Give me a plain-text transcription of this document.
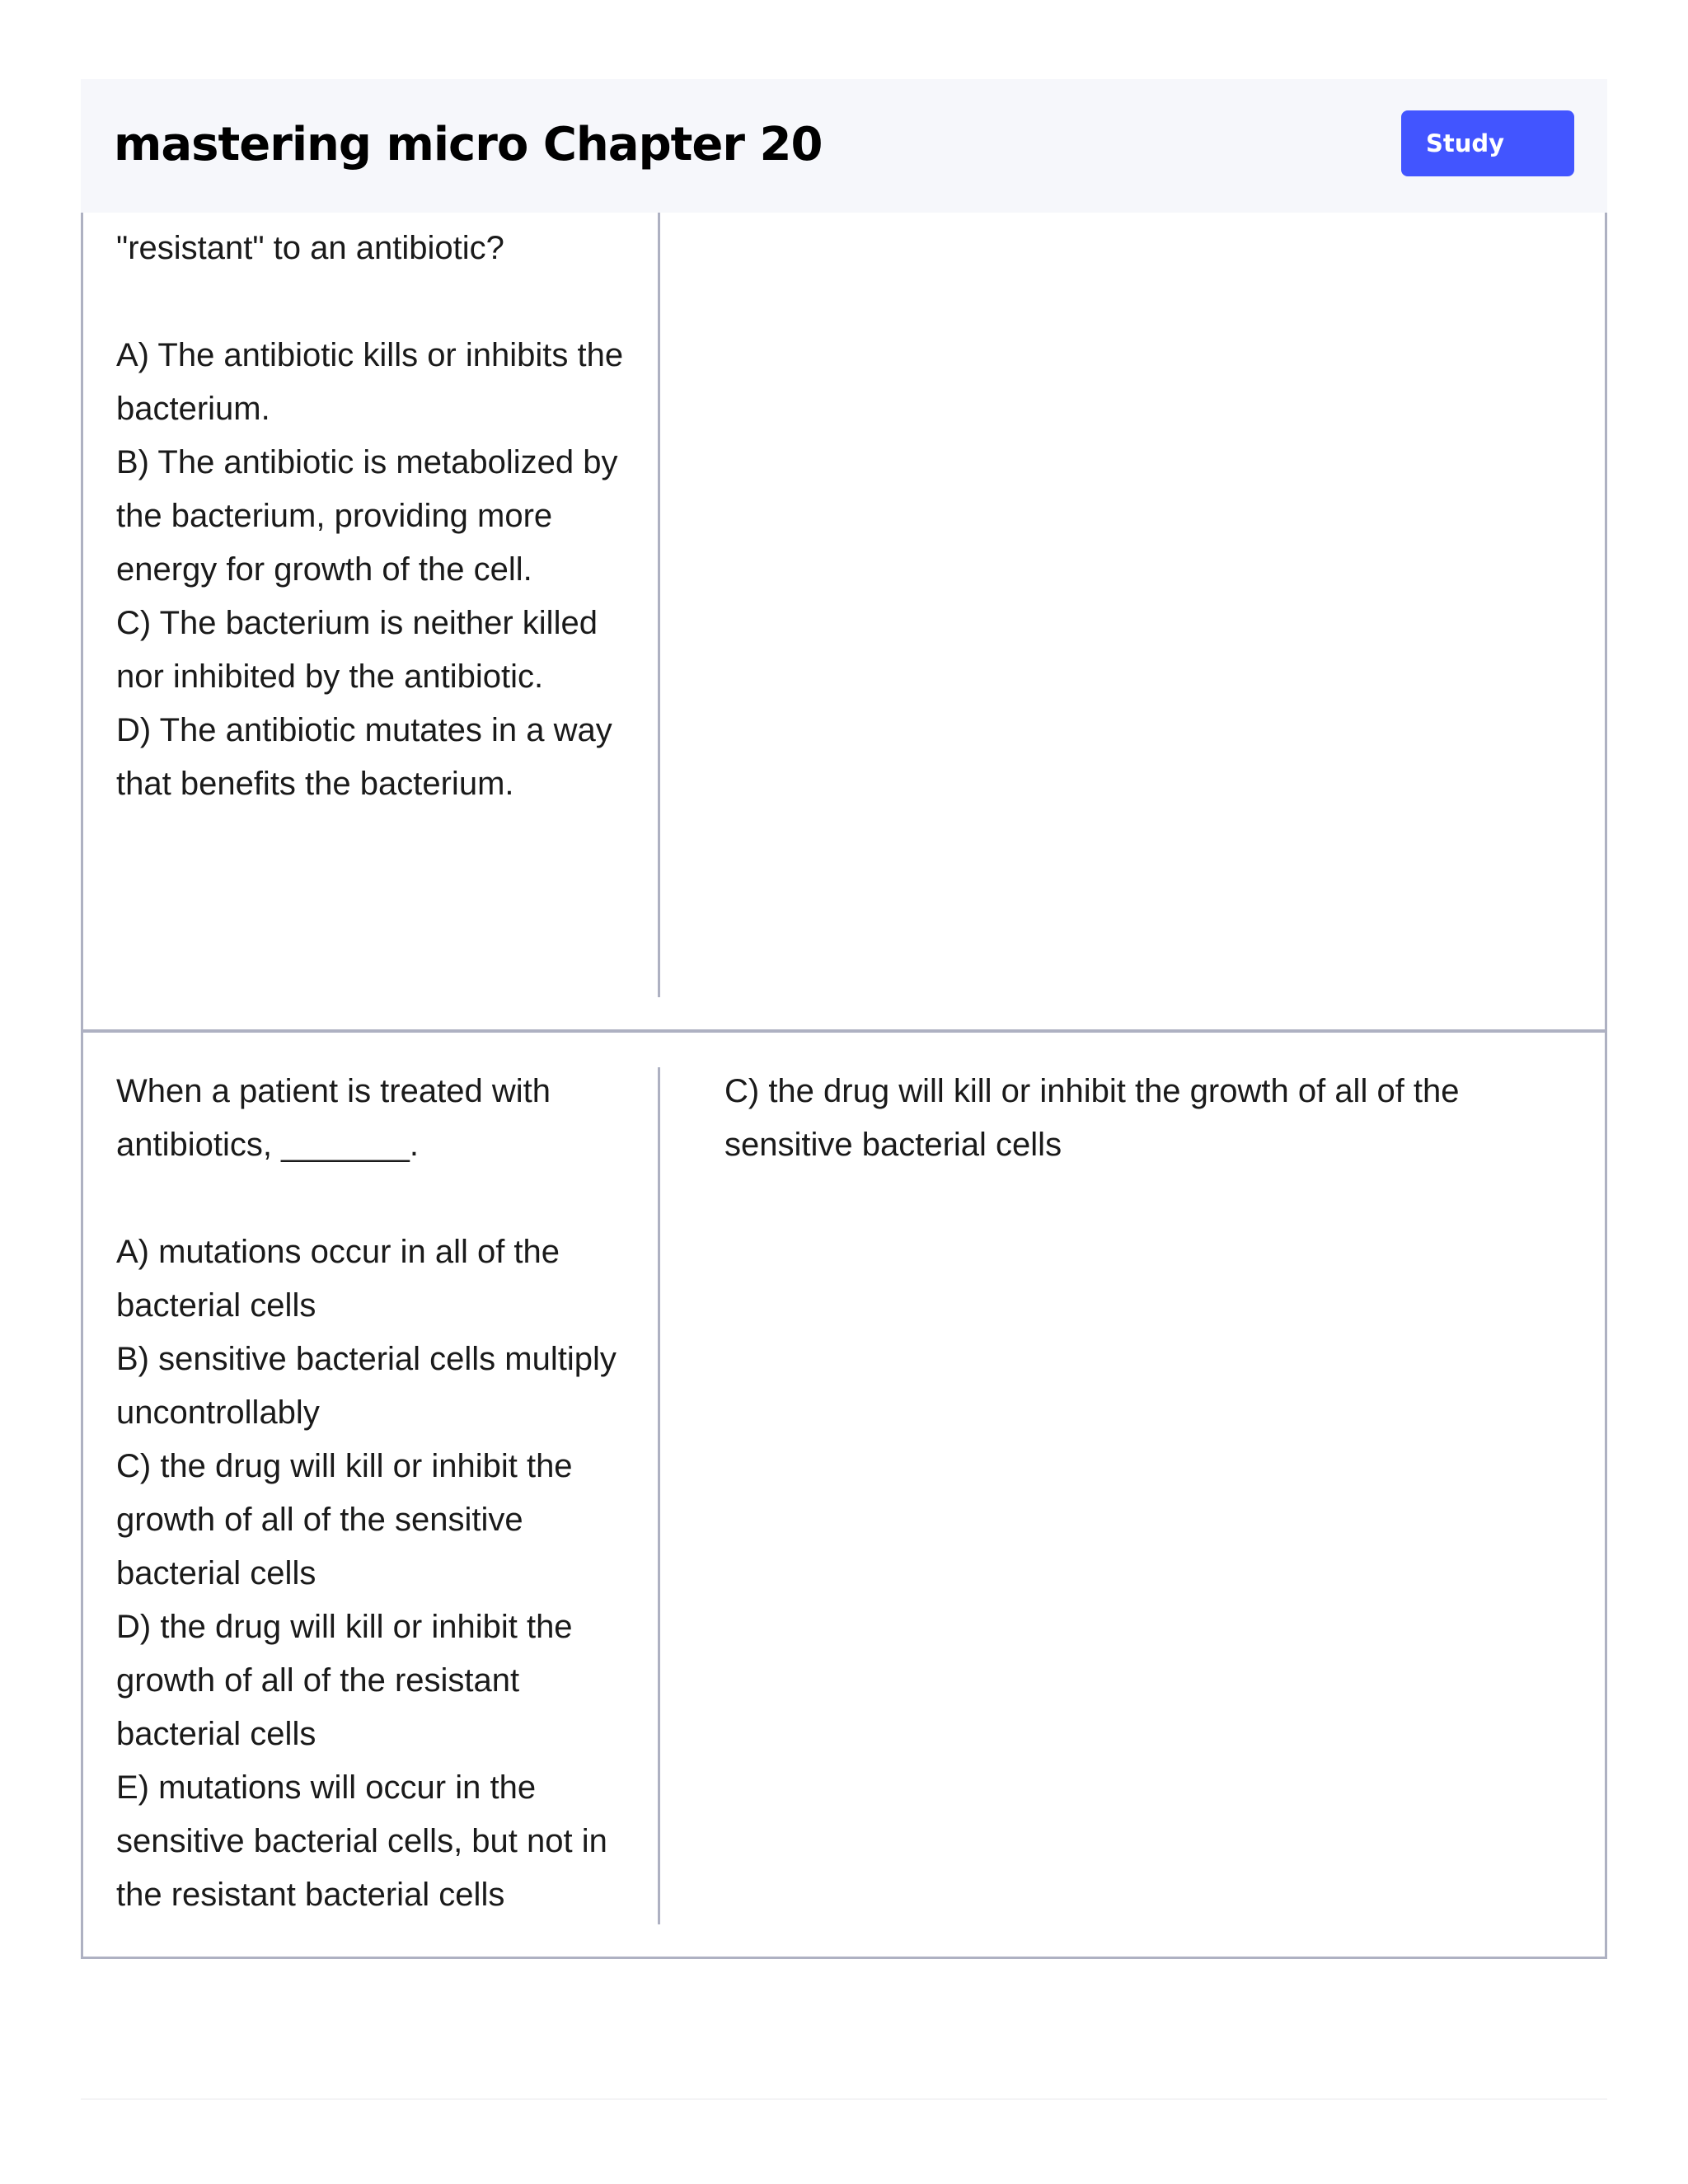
mastering micro Chapter 20	Study
"resistant" to an antibiotic?

A) The antibiotic kills or inhibits the bacterium.
B) The antibiotic is metabolized by the bacterium, providing more energy for growth of the cell.
C) The bacterium is neither killed nor inhibited by the antibiotic.
D) The antibiotic mutates in a way that benefits the bacterium.
When a patient is treated with antibiotics, _______.

A) mutations occur in all of the bacterial cells
B) sensitive bacterial cells multiply uncontrollably
C) the drug will kill or inhibit the growth of all of the sensitive bacterial cells
D) the drug will kill or inhibit the growth of all of the resistant bacterial cells
E) mutations will occur in the sensitive bacterial cells, but not in the resistant bacterial cells
C) the drug will kill or inhibit the growth of all of the sensitive bacterial cells
